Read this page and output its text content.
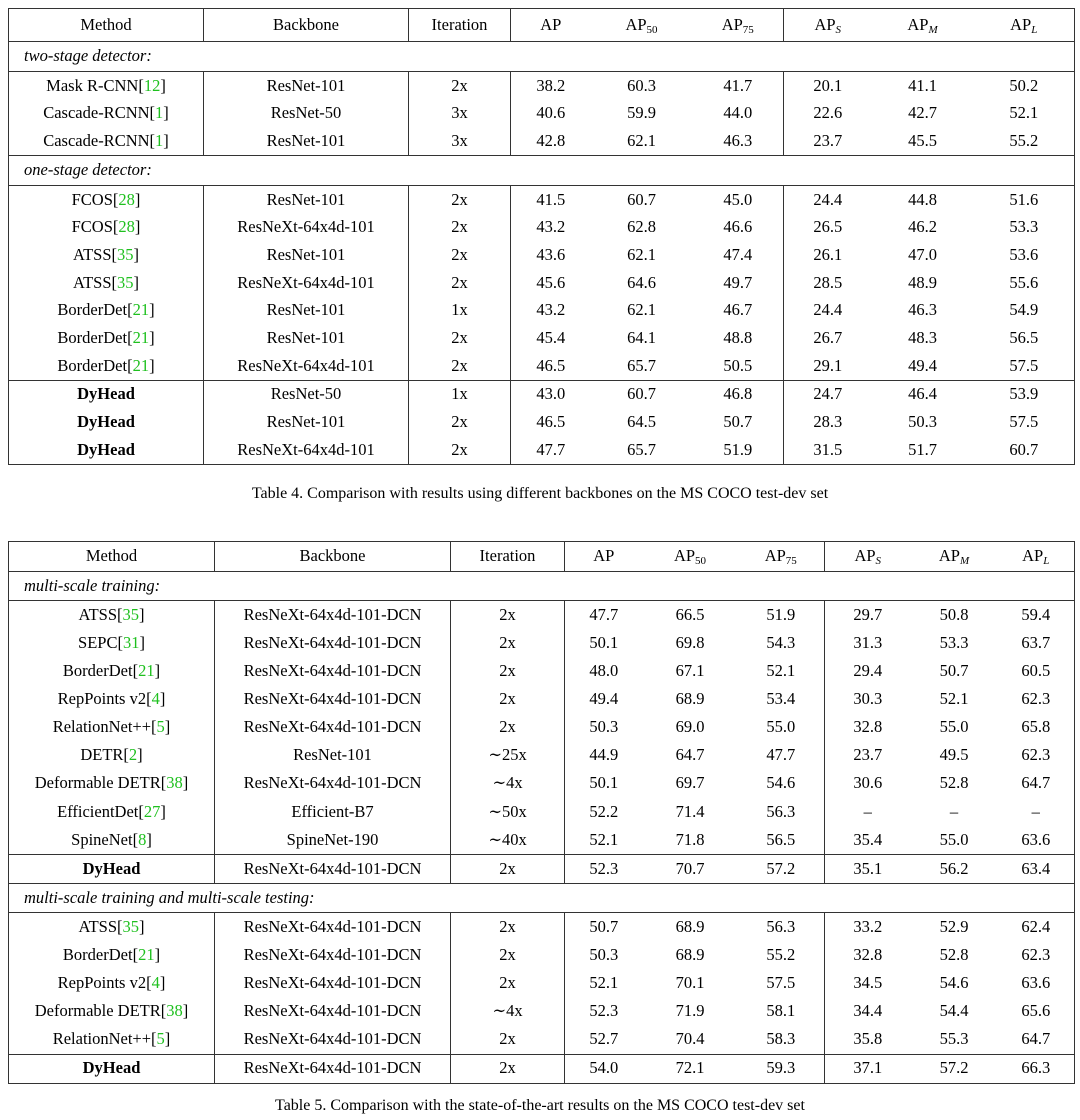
Method	Backbone	Iteration	AP	$AP_{50}$	$AP_{75}$	$AP_S$	$AP_M$	$AP_L$
two-stage detector:								
Mask R-CNN[12]	ResNet-101	2x	38.2	60.3	41.7	20.1	41.1	50.2
Cascade-RCNN[1]	ResNet-50	3x	40.6	59.9	44.0	22.6	42.7	52.1
Cascade-RCNN[1]	ResNet-101	3x	42.8	62.1	46.3	23.7	45.5	55.2
one-stage detector:								
FCOS[28]	ResNet-101	2x	41.5	60.7	45.0	24.4	44.8	51.6
FCOS[28]	ResNeXt-64x4d-101	2x	43.2	62.8	46.6	26.5	46.2	53.3
ATSS[35]	ResNet-101	2x	43.6	62.1	47.4	26.1	47.0	53.6
ATSS[35]	ResNeXt-64x4d-101	2x	45.6	64.6	49.7	28.5	48.9	55.6
BorderDet[21]	ResNet-101	1x	43.2	62.1	46.7	24.4	46.3	54.9
BorderDet[21]	ResNet-101	2x	45.4	64.1	48.8	26.7	48.3	56.5
BorderDet[21]	ResNeXt-64x4d-101	2x	46.5	65.7	50.5	29.1	49.4	57.5
DyHead	ResNet-50	1x	43.0	60.7	46.8	24.7	46.4	53.9
DyHead	ResNet-101	2x	46.5	64.5	50.7	28.3	50.3	57.5
DyHead	ResNeXt-64x4d-101	2x	47.7	65.7	51.9	31.5	51.7	60.7
Table 4. Comparison with results using different backbones on the MS COCO test-dev set
Method	Backbone	Iteration	AP	$AP_{50}$	$AP_{75}$	$AP_S$	$AP_M$	$AP_L$
multi-scale training:								
ATSS[35]	ResNeXt-64x4d-101-DCN	2x	47.7	66.5	51.9	29.7	50.8	59.4
SEPC[31]	ResNeXt-64x4d-101-DCN	2x	50.1	69.8	54.3	31.3	53.3	63.7
BorderDet[21]	ResNeXt-64x4d-101-DCN	2x	48.0	67.1	52.1	29.4	50.7	60.5
RepPoints v2[4]	ResNeXt-64x4d-101-DCN	2x	49.4	68.9	53.4	30.3	52.1	62.3
RelationNet++[5]	ResNeXt-64x4d-101-DCN	2x	50.3	69.0	55.0	32.8	55.0	65.8
DETR[2]	ResNet-101	∼25x	44.9	64.7	47.7	23.7	49.5	62.3
Deformable DETR[38]	ResNeXt-64x4d-101-DCN	∼4x	50.1	69.7	54.6	30.6	52.8	64.7
EfficientDet[27]	Efficient-B7	∼50x	52.2	71.4	56.3	–	–	–
SpineNet[8]	SpineNet-190	∼40x	52.1	71.8	56.5	35.4	55.0	63.6
DyHead	ResNeXt-64x4d-101-DCN	2x	52.3	70.7	57.2	35.1	56.2	63.4
multi-scale training and multi-scale testing:								
ATSS[35]	ResNeXt-64x4d-101-DCN	2x	50.7	68.9	56.3	33.2	52.9	62.4
BorderDet[21]	ResNeXt-64x4d-101-DCN	2x	50.3	68.9	55.2	32.8	52.8	62.3
RepPoints v2[4]	ResNeXt-64x4d-101-DCN	2x	52.1	70.1	57.5	34.5	54.6	63.6
Deformable DETR[38]	ResNeXt-64x4d-101-DCN	∼4x	52.3	71.9	58.1	34.4	54.4	65.6
RelationNet++[5]	ResNeXt-64x4d-101-DCN	2x	52.7	70.4	58.3	35.8	55.3	64.7
DyHead	ResNeXt-64x4d-101-DCN	2x	54.0	72.1	59.3	37.1	57.2	66.3
Table 5. Comparison with the state-of-the-art results on the MS COCO test-dev set
